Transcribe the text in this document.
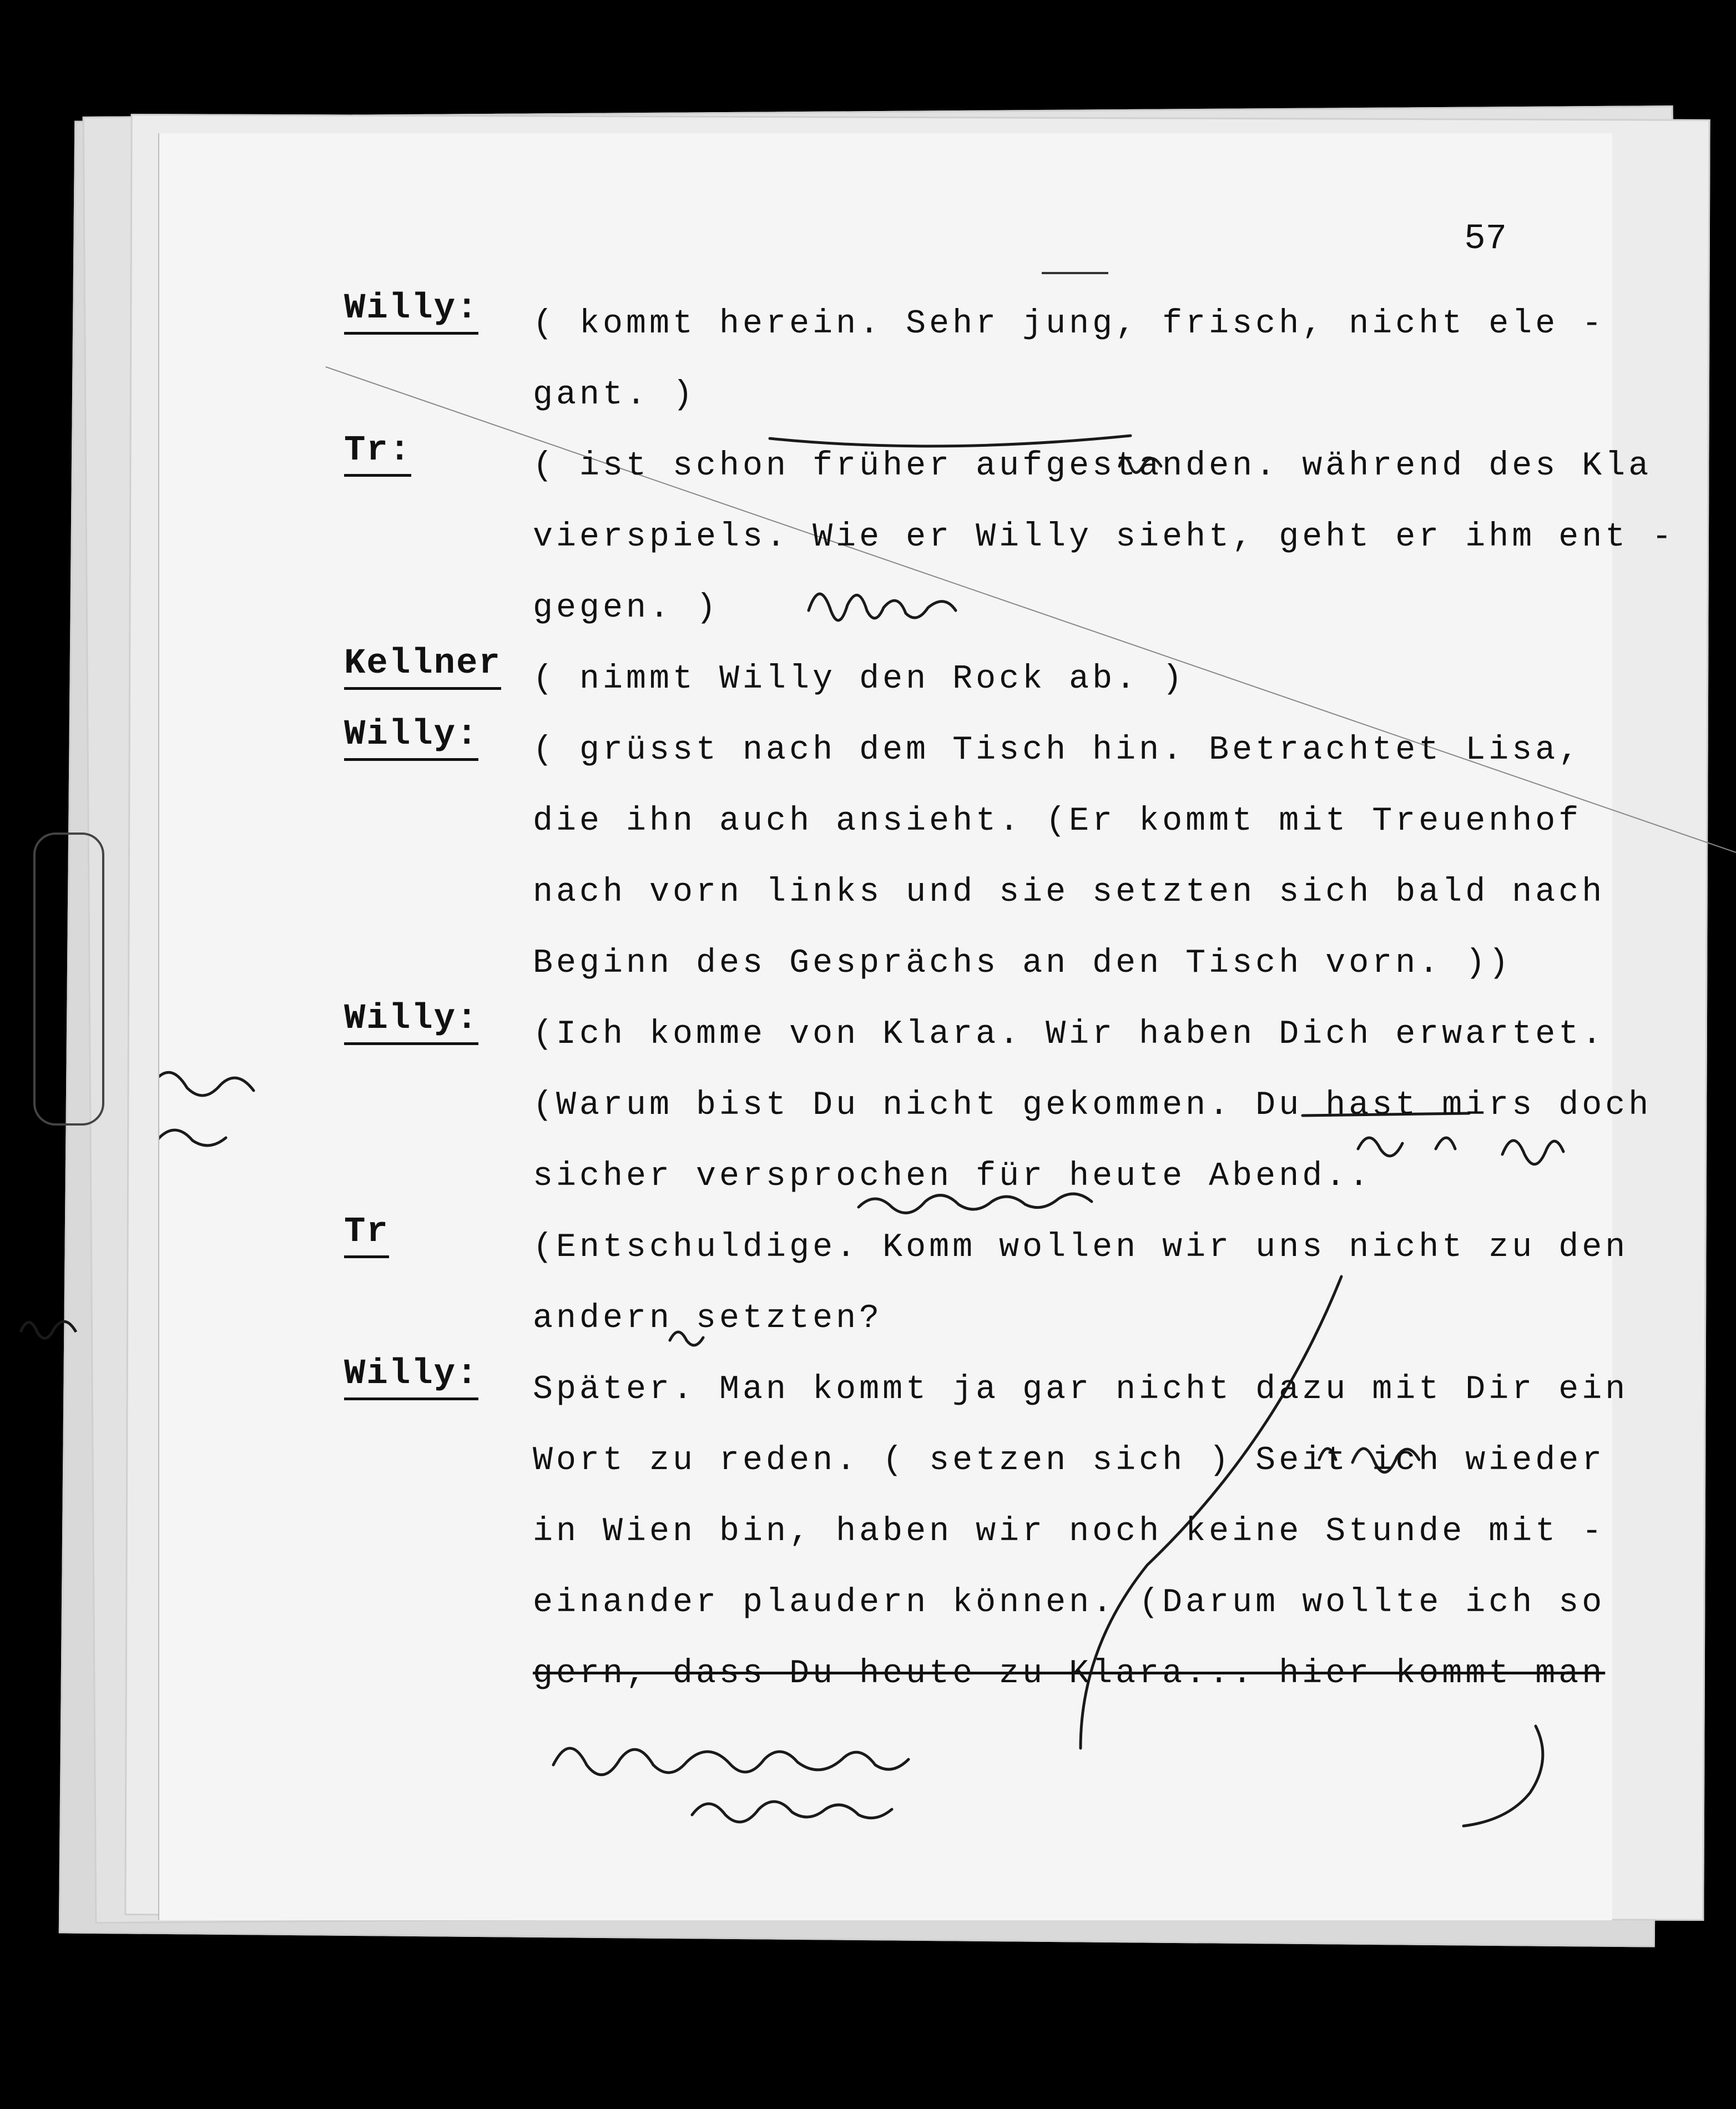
57
Willy:	( kommt herein. Sehr jung, frisch, nicht ele -
gant. )
Tr:	( ist schon früher aufgestanden. während des Kla
vierspiels. Wie er Willy sieht, geht er ihm ent -
gegen. )
Kellner ( nimmt Willy den Rock ab. )
Willy:	( grüsst nach dem Tisch hin. Betrachtet Lisa,
die ihn auch ansieht. (Er kommt mit Treuenhof
nach vorn links und sie setzten sich bald nach
Beginn des Gesprächs an den Tisch vorn. ))
Willy:	(Ich komme von Klara. Wir haben Dich erwartet.
(Warum bist Du nicht gekommen. Du hast mirs doch
sicher versprochen für heute Abend..
Tr	(Entschuldige. Komm wollen wir uns nicht zu den
andern setzten?
Willy:	Später. Man kommt ja gar nicht dazu mit Dir ein
Wort zu reden. ( setzen sich ) Seit ich wieder
in Wien bin, haben wir noch keine Stunde mit -
einander plaudern können. (Darum wollte ich so
gern, dass Du heute zu Klara... hier kommt man
